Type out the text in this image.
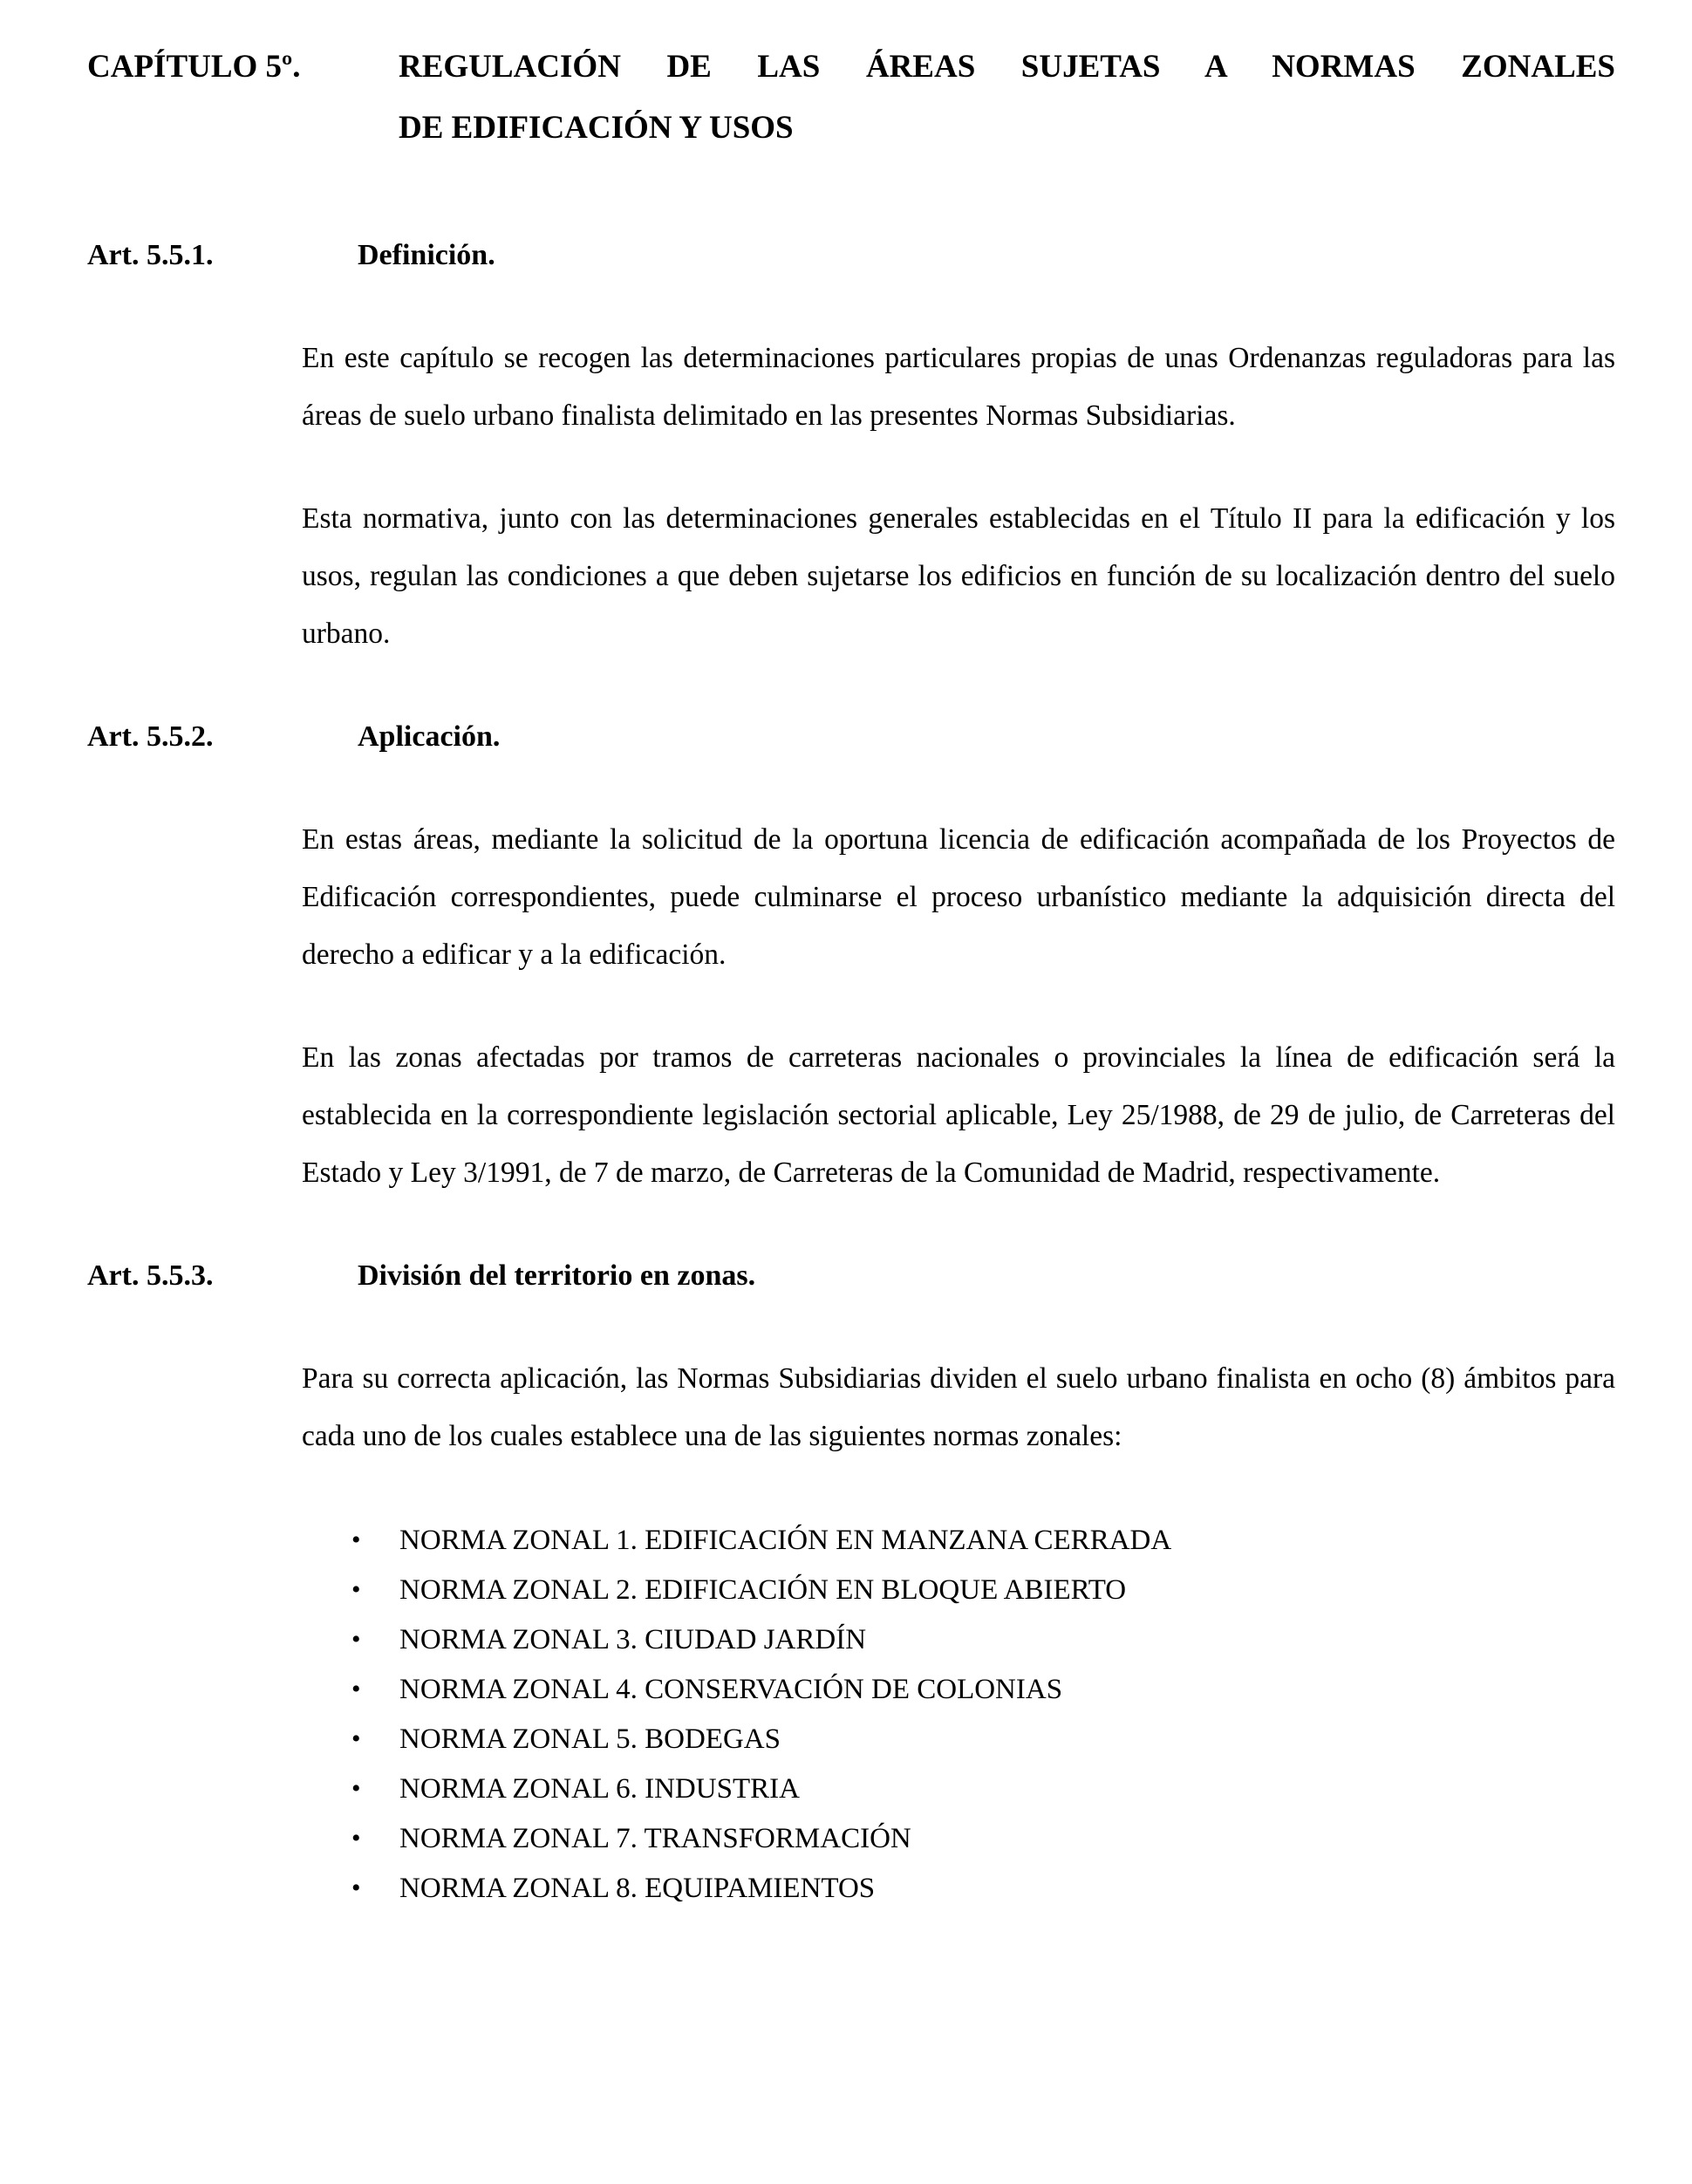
CAPÍTULO 5º.	REGULACIÓN DE LAS ÁREAS SUJETAS A NORMAS ZONALES
DE EDIFICACIÓN Y USOS
Art. 5.5.1.	Definición.

En este capítulo se recogen las determinaciones particulares propias de unas Ordenanzas reguladoras para las áreas de suelo urbano finalista delimitado en las presentes Normas Subsidiarias.

Esta normativa, junto con las determinaciones generales establecidas en el Título II para la edificación y los usos, regulan las condiciones a que deben sujetarse los edificios en función de su localización dentro del suelo urbano.

Art. 5.5.2.	Aplicación.

En estas áreas, mediante la solicitud de la oportuna licencia de edificación acompañada de los Proyectos de Edificación correspondientes, puede culminarse el proceso urbanístico mediante la adquisición directa del derecho a edificar y a la edificación.

En las zonas afectadas por tramos de carreteras nacionales o provinciales la línea de edificación será la establecida en la correspondiente legislación sectorial aplicable, Ley 25/1988, de 29 de julio, de Carreteras del Estado y Ley 3/1991, de 7 de marzo, de Carreteras de la Comunidad de Madrid, respectivamente.

Art. 5.5.3.	División del territorio en zonas.

Para su correcta aplicación, las Normas Subsidiarias dividen el suelo urbano finalista en ocho (8) ámbitos para cada uno de los cuales establece una de las siguientes normas zonales:

• NORMA ZONAL 1. EDIFICACIÓN EN MANZANA CERRADA
• NORMA ZONAL 2. EDIFICACIÓN EN BLOQUE ABIERTO
• NORMA ZONAL 3. CIUDAD JARDÍN
• NORMA ZONAL 4. CONSERVACIÓN DE COLONIAS
• NORMA ZONAL 5. BODEGAS
• NORMA ZONAL 6. INDUSTRIA
• NORMA ZONAL 7. TRANSFORMACIÓN
• NORMA ZONAL 8. EQUIPAMIENTOS
